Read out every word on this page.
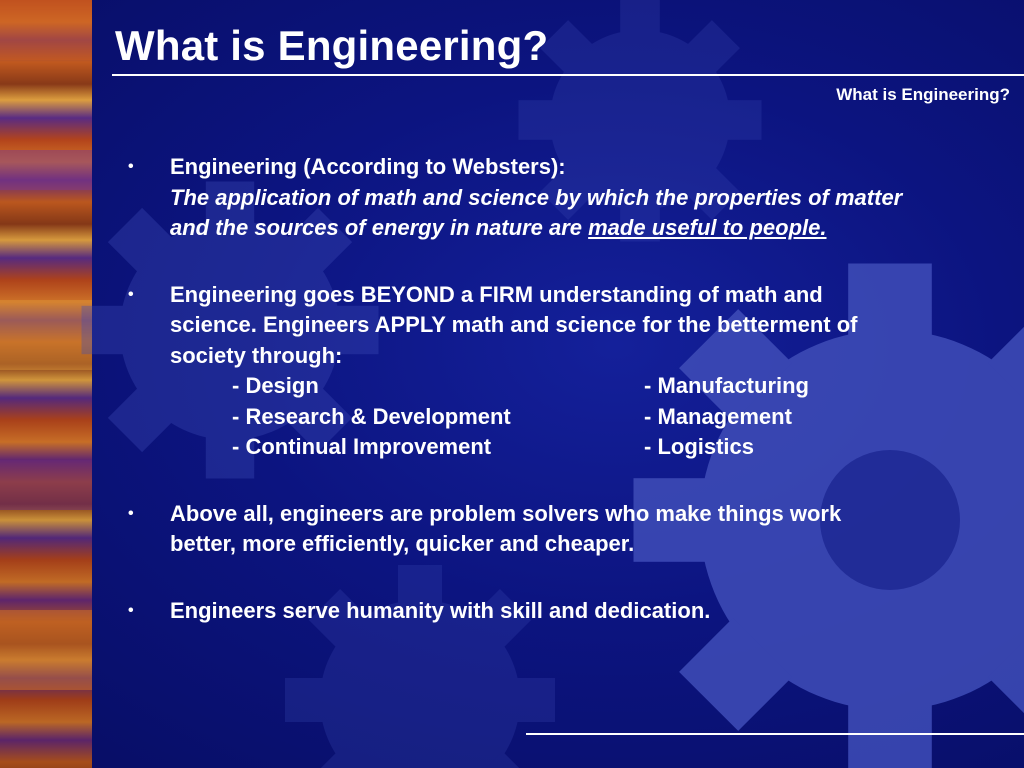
What is Engineering?
What is Engineering?
• Engineering (According to Websters):
The application of math and science by which the properties of matter and the sources of energy in nature are made useful to people.
• Engineering goes BEYOND a FIRM understanding of math and science. Engineers APPLY math and science for the betterment of society through:
- Design	- Manufacturing
- Research & Development	- Management
- Continual Improvement	- Logistics
• Above all, engineers are problem solvers who make things work better, more efficiently, quicker and cheaper.
• Engineers serve humanity with skill and dedication.
